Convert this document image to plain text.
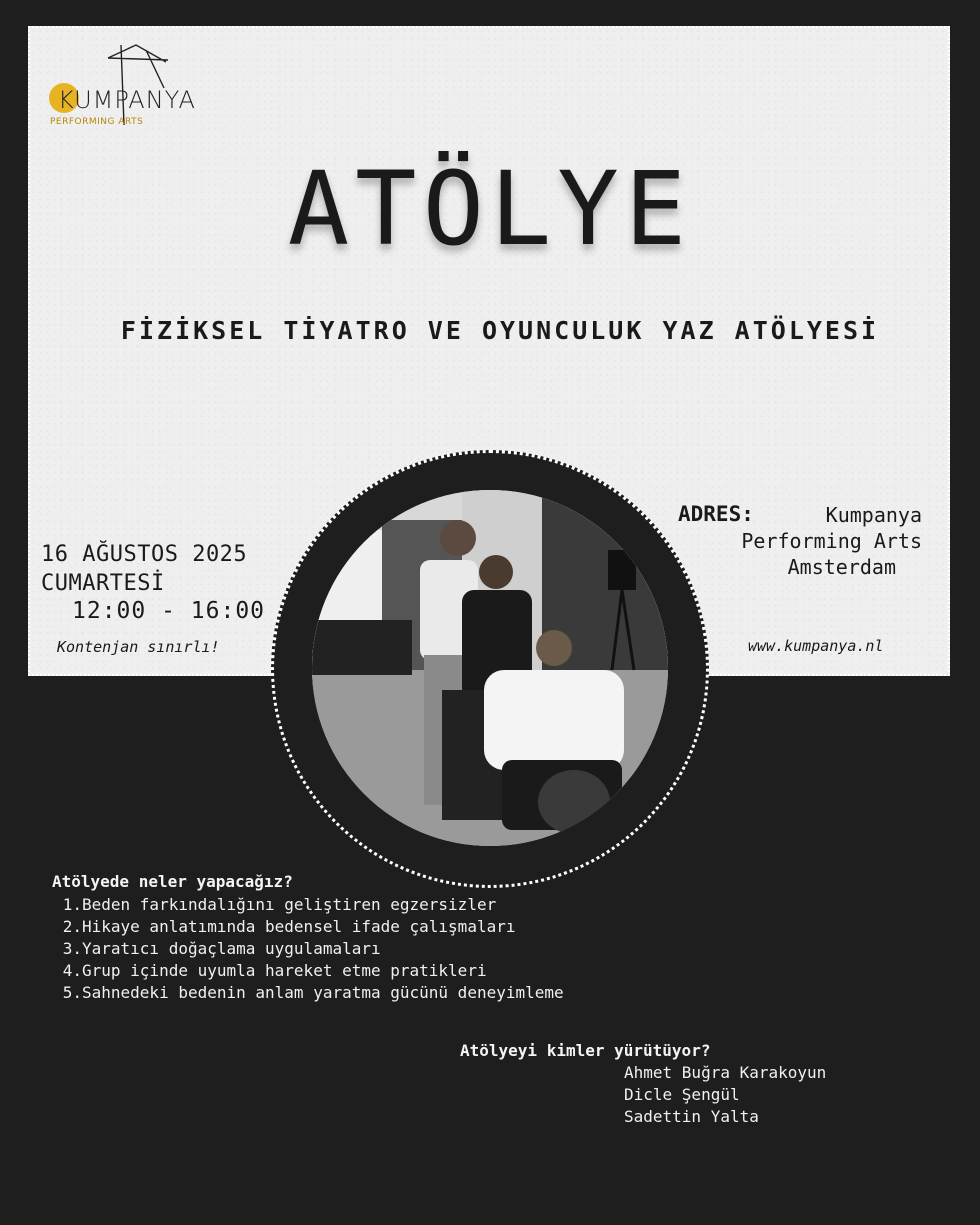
KUMPANYA
PERFORMING ARTS
ATÖLYE
FİZİKSEL TİYATRO VE OYUNCULUK YAZ ATÖLYESİ
16 AĞUSTOS 2025
CUMARTESİ
12:00 - 16:00
Kontenjan sınırlı!
ADRES:	Kumpanya
Performing Arts
Amsterdam
www.kumpanya.nl
Atölyede neler yapacağız?
1. Beden farkındalığını geliştiren egzersizler
2. Hikaye anlatımında bedensel ifade çalışmaları
3. Yaratıcı doğaçlama uygulamaları
4. Grup içinde uyumla hareket etme pratikleri
5. Sahnedeki bedenin anlam yaratma gücünü deneyimleme
Atölyeyi kimler yürütüyor?
Ahmet Buğra Karakoyun
Dicle Şengül
Sadettin Yalta
